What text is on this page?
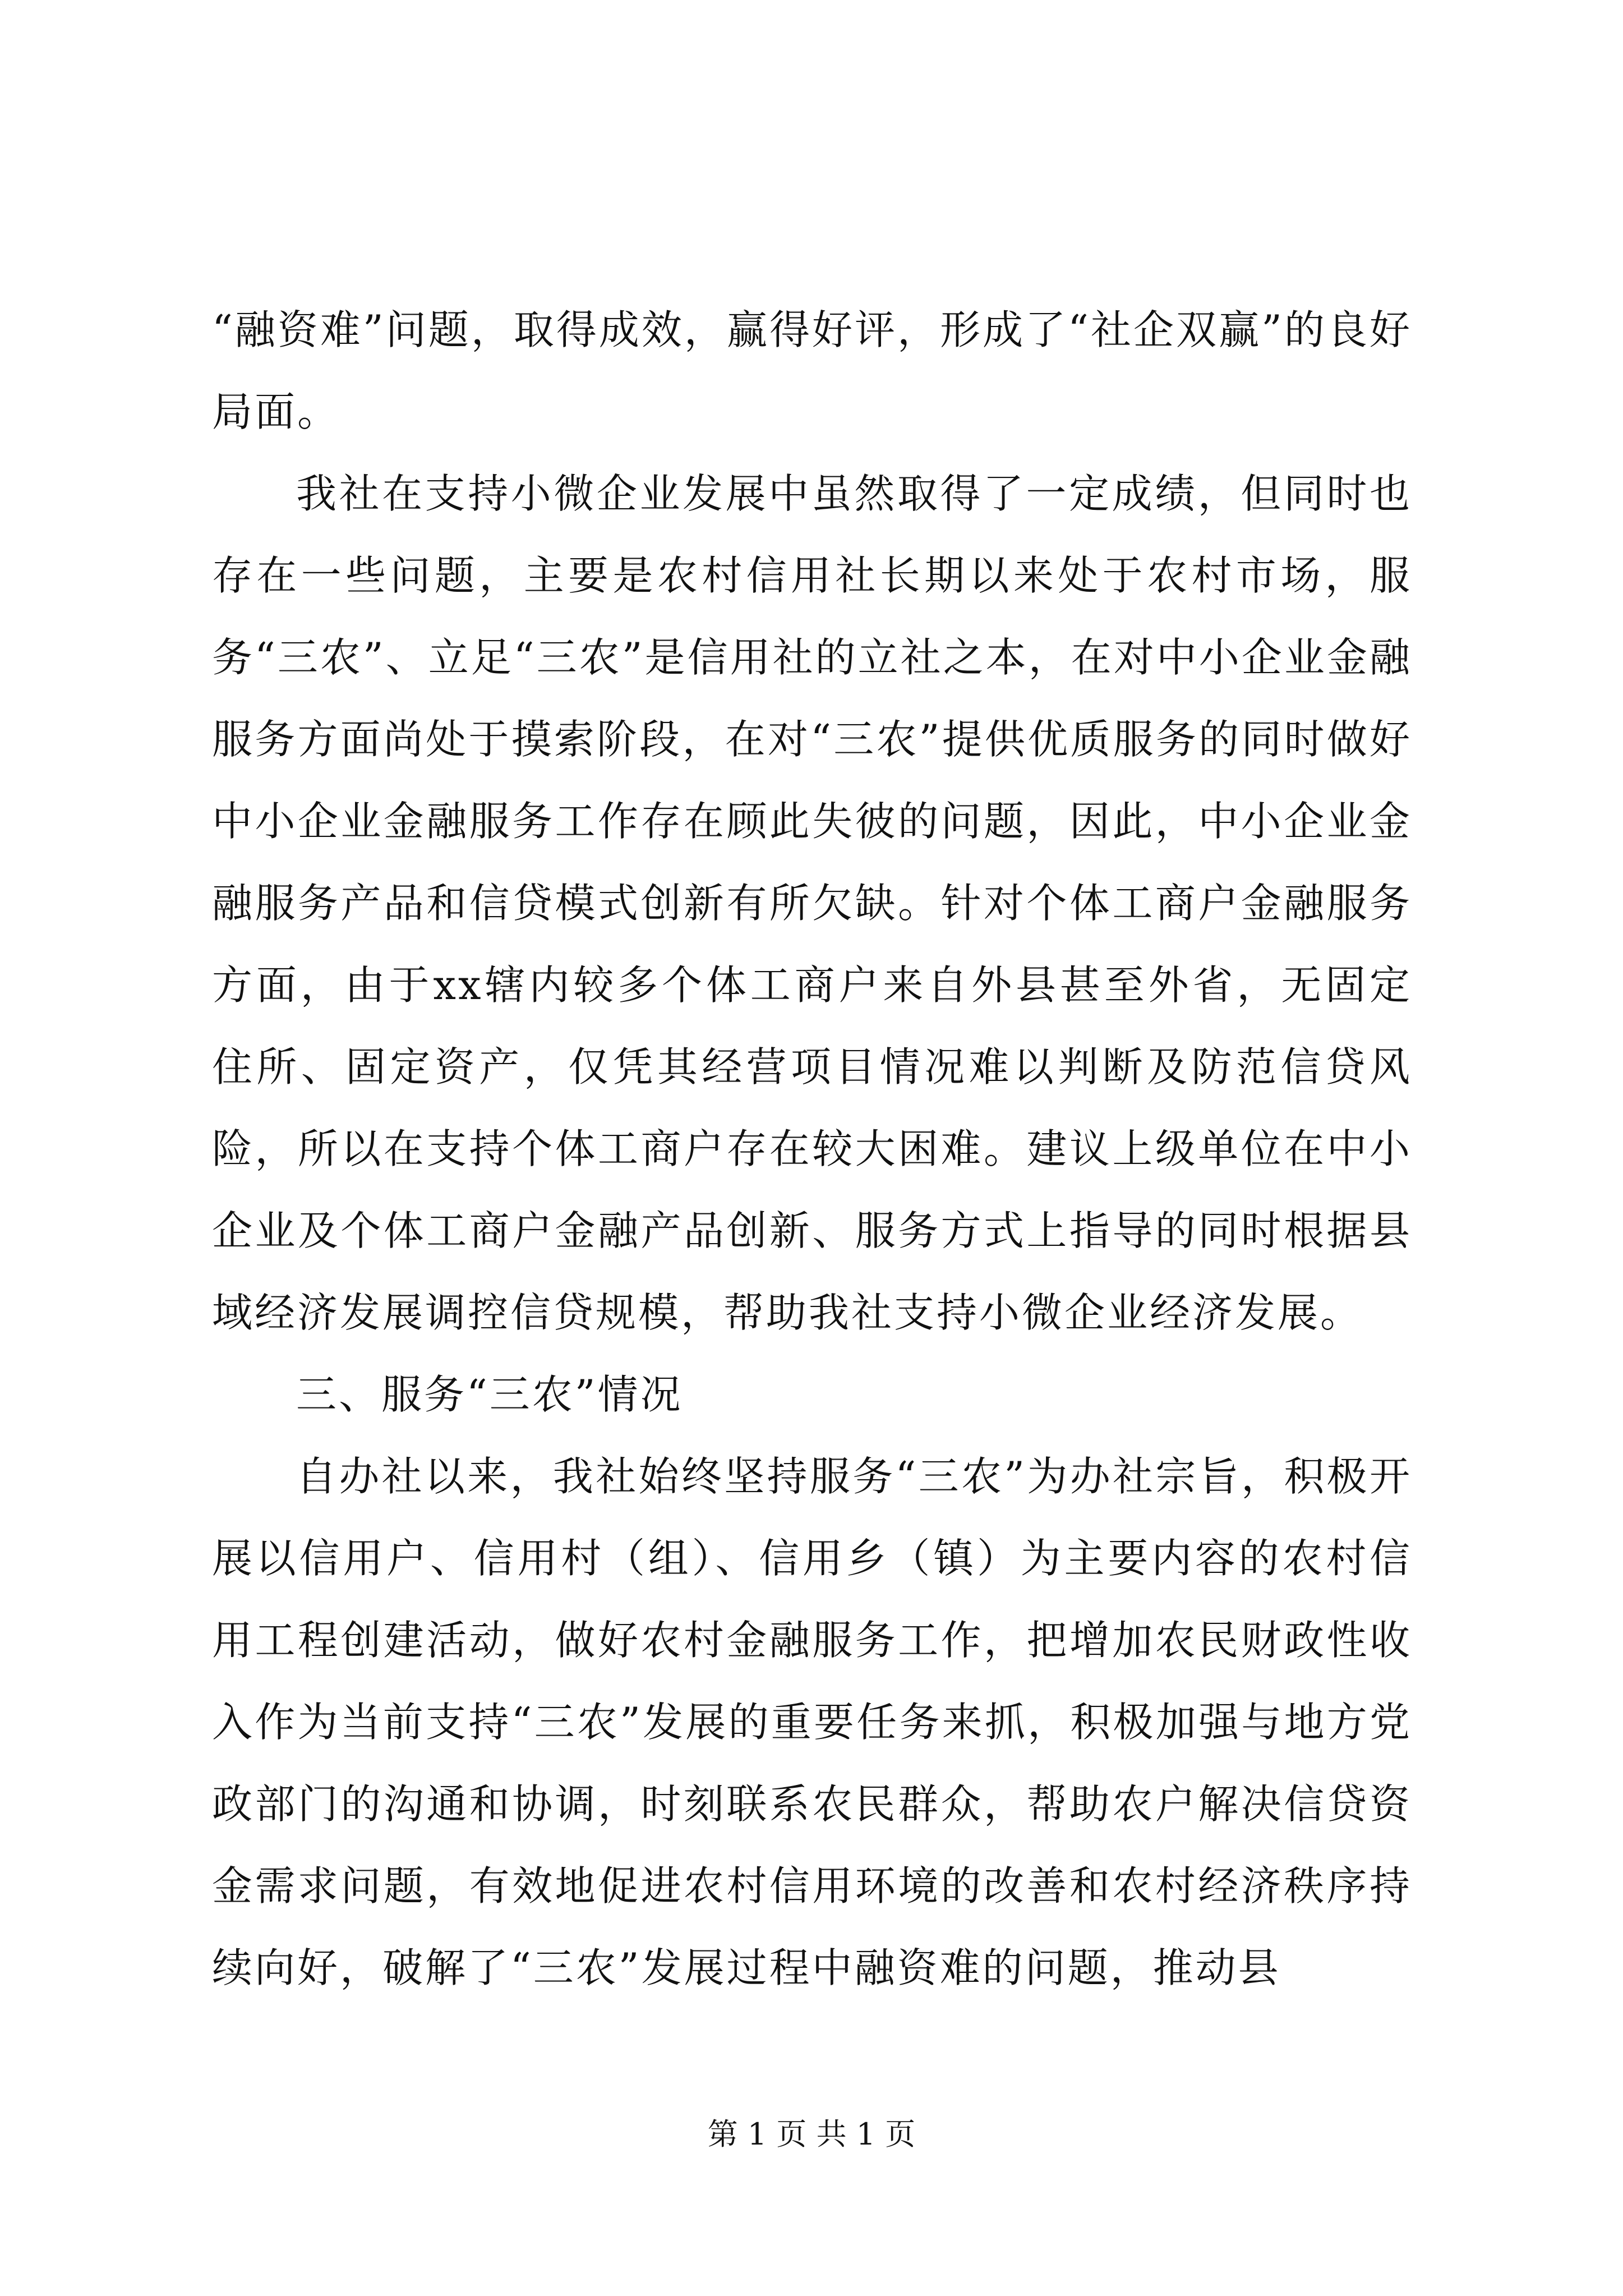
“融资难”问题，取得成效，赢得好评，形成了“社企双赢”的良好局面。

我社在支持小微企业发展中虽然取得了一定成绩，但同时也存在一些问题，主要是农村信用社长期以来处于农村市场，服务“三农”、立足“三农”是信用社的立社之本，在对中小企业金融服务方面尚处于摸索阶段，在对“三农”提供优质服务的同时做好中小企业金融服务工作存在顾此失彼的问题，因此，中小企业金融服务产品和信贷模式创新有所欠缺。针对个体工商户金融服务方面，由于xx辖内较多个体工商户来自外县甚至外省，无固定住所、固定资产，仅凭其经营项目情况难以判断及防范信贷风险，所以在支持个体工商户存在较大困难。建议上级单位在中小企业及个体工商户金融产品创新、服务方式上指导的同时根据县域经济发展调控信贷规模，帮助我社支持小微企业经济发展。

三、服务“三农”情况

自办社以来，我社始终坚持服务“三农”为办社宗旨，积极开展以信用户、信用村（组）、信用乡（镇）为主要内容的农村信用工程创建活动，做好农村金融服务工作，把增加农民财政性收入作为当前支持“三农”发展的重要任务来抓，积极加强与地方党政部门的沟通和协调，时刻联系农民群众，帮助农户解决信贷资金需求问题，有效地促进农村信用环境的改善和农村经济秩序持续向好，破解了“三农”发展过程中融资难的问题，推动县

第 1 页 共 1 页
